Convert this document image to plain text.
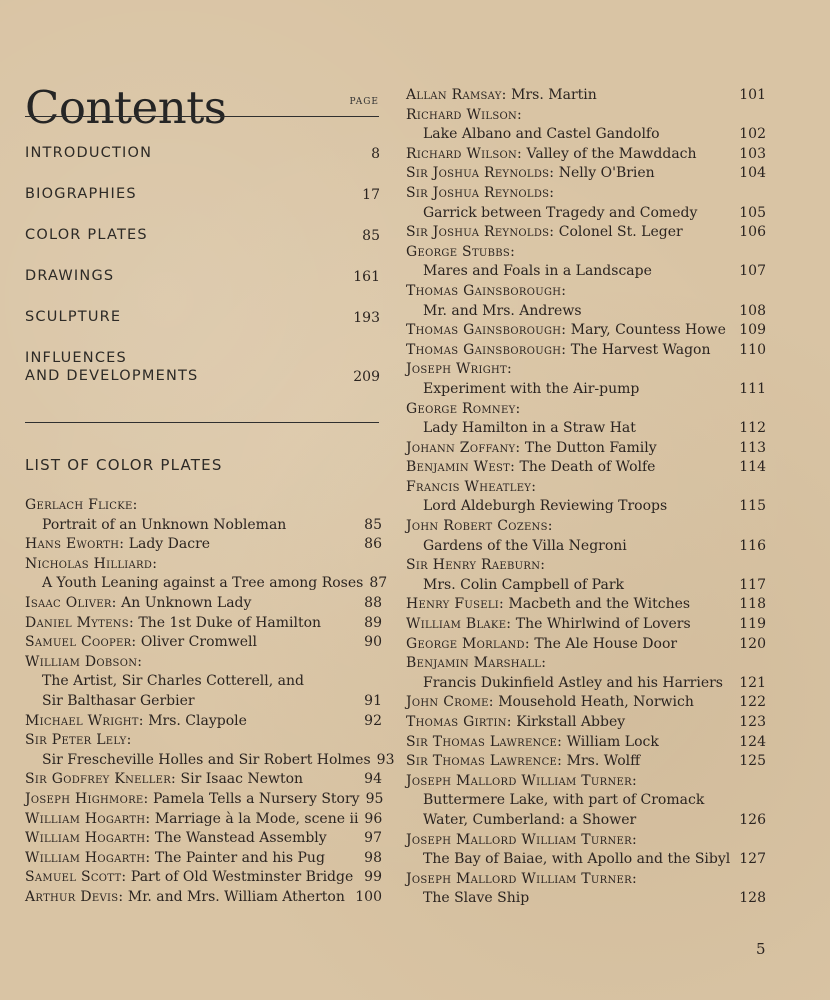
Contents	PAGE
INTRODUCTION	8
BIOGRAPHIES	17
COLOR PLATES	85
DRAWINGS	161
SCULPTURE	193
INFLUENCES
AND DEVELOPMENTS	209
LIST OF COLOR PLATES
Gerlach Flicke:
Portrait of an Unknown Nobleman	85
Hans Eworth: Lady Dacre	86
Nicholas Hilliard:
A Youth Leaning against a Tree among Roses 87
Isaac Oliver: An Unknown Lady	88
Daniel Mytens: The 1st Duke of Hamilton	89
Samuel Cooper: Oliver Cromwell	90
William Dobson:
The Artist, Sir Charles Cotterell, and
Sir Balthasar Gerbier	91
Michael Wright: Mrs. Claypole	92
Sir Peter Lely:
Sir Frescheville Holles and Sir Robert Holmes 93
Sir Godfrey Kneller: Sir Isaac Newton	94
Joseph Highmore: Pamela Tells a Nursery Story 95
William Hogarth: Marriage à la Mode, scene ii 96
William Hogarth: The Wanstead Assembly	97
William Hogarth: The Painter and his Pug	98
Samuel Scott: Part of Old Westminster Bridge 99
Arthur Devis: Mr. and Mrs. William Atherton 100
Allan Ramsay: Mrs. Martin	101
Richard Wilson:
Lake Albano and Castel Gandolfo	102
Richard Wilson: Valley of the Mawddach	103
Sir Joshua Reynolds: Nelly O'Brien	104
Sir Joshua Reynolds:
Garrick between Tragedy and Comedy	105
Sir Joshua Reynolds: Colonel St. Leger	106
George Stubbs:
Mares and Foals in a Landscape	107
Thomas Gainsborough:
Mr. and Mrs. Andrews	108
Thomas Gainsborough: Mary, Countess Howe 109
Thomas Gainsborough: The Harvest Wagon	110
Joseph Wright:
Experiment with the Air-pump	111
George Romney:
Lady Hamilton in a Straw Hat	112
Johann Zoffany: The Dutton Family	113
Benjamin West: The Death of Wolfe	114
Francis Wheatley:
Lord Aldeburgh Reviewing Troops	115
John Robert Cozens:
Gardens of the Villa Negroni	116
Sir Henry Raeburn:
Mrs. Colin Campbell of Park	117
Henry Fuseli: Macbeth and the Witches	118
William Blake: The Whirlwind of Lovers	119
George Morland: The Ale House Door	120
Benjamin Marshall:
Francis Dukinfield Astley and his Harriers	121
John Crome: Mousehold Heath, Norwich	122
Thomas Girtin: Kirkstall Abbey	123
Sir Thomas Lawrence: William Lock	124
Sir Thomas Lawrence: Mrs. Wolff	125
Joseph Mallord William Turner:
Buttermere Lake, with part of Cromack
Water, Cumberland: a Shower	126
Joseph Mallord William Turner:
The Bay of Baiae, with Apollo and the Sibyl 127
Joseph Mallord William Turner:
The Slave Ship	128
5
